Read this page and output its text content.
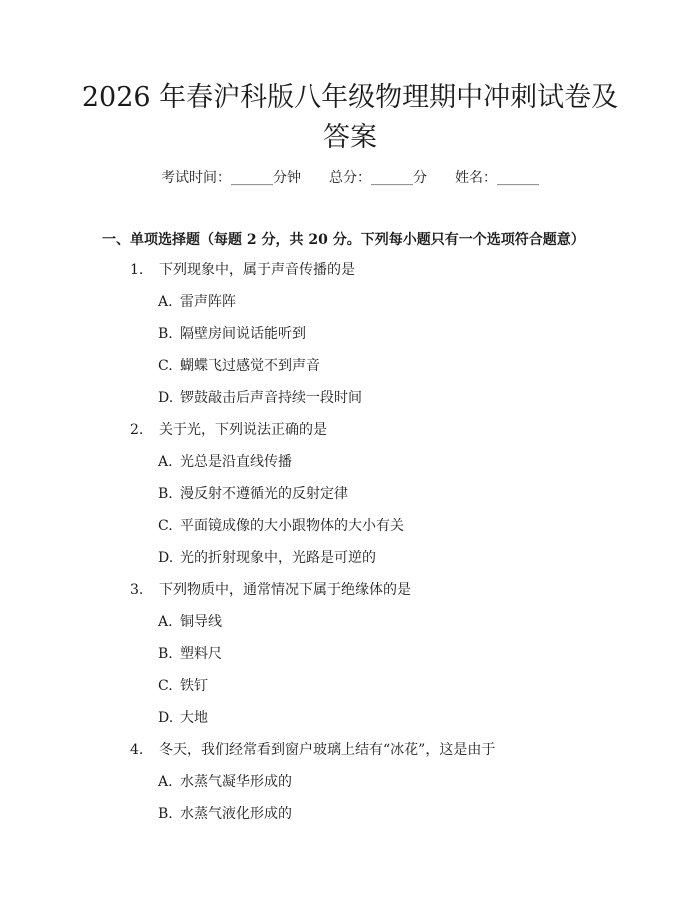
2026 年春沪科版八年级物理期中冲刺试卷及
答案
考试时间：______分钟 总分：______分 姓名：______
一、单项选择题（每题 2 分，共 20 分。下列每小题只有一个选项符合题意）
1. 下列现象中，属于声音传播的是
A. 雷声阵阵
B. 隔壁房间说话能听到
C. 蝴蝶飞过感觉不到声音
D. 锣鼓敲击后声音持续一段时间
2. 关于光，下列说法正确的是
A. 光总是沿直线传播
B. 漫反射不遵循光的反射定律
C. 平面镜成像的大小跟物体的大小有关
D. 光的折射现象中，光路是可逆的
3. 下列物质中，通常情况下属于绝缘体的是
A. 铜导线
B. 塑料尺
C. 铁钉
D. 大地
4. 冬天，我们经常看到窗户玻璃上结有“冰花”，这是由于
A. 水蒸气凝华形成的
B. 水蒸气液化形成的
